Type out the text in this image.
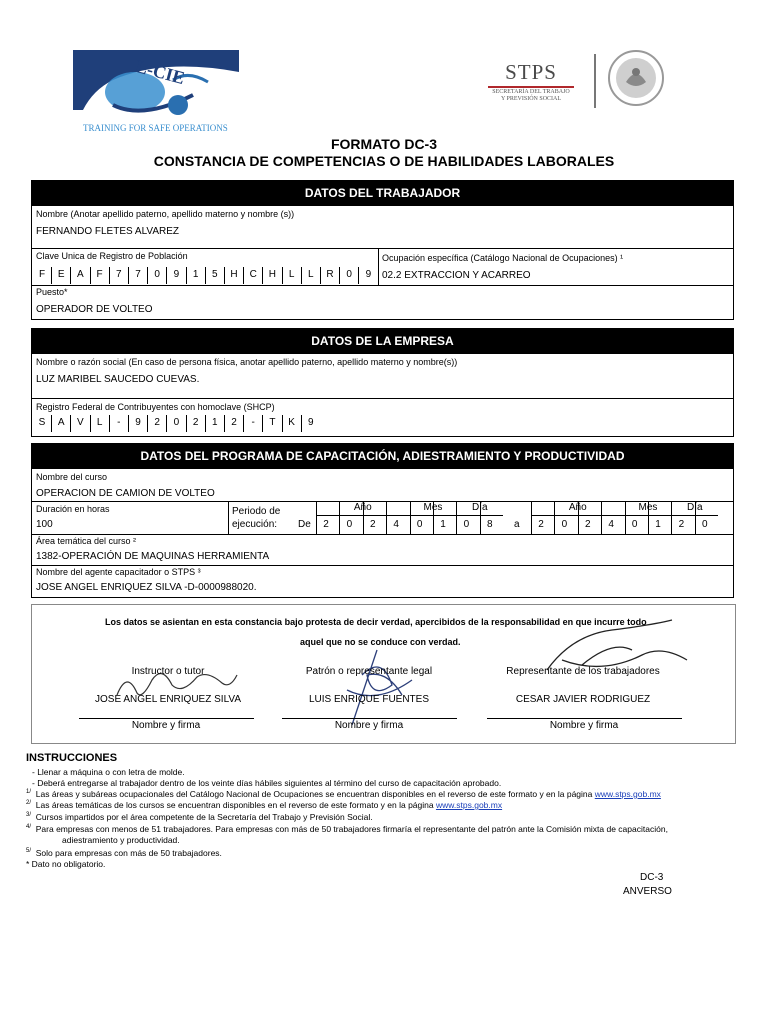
L-CIE
TRAINING FOR SAFE OPERATIONS
STPS
SECRETARÍA DEL TRABAJO
Y PREVISIÓN SOCIAL
FORMATO DC-3
CONSTANCIA DE COMPETENCIAS O DE HABILIDADES LABORALES
DATOS DEL TRABAJADOR
Nombre (Anotar apellido paterno, apellido materno y nombre (s))
FERNANDO FLETES ALVAREZ
Clave Unica de Registro de Población	Ocupación específica (Catálogo Nacional de Ocupaciones) ¹
02.2 EXTRACCION Y ACARREO
F	E	A	F	7	7	0	9	1	5	H	C	H	L	L	R	0	9
Puesto*
OPERADOR DE VOLTEO
DATOS DE LA EMPRESA
Nombre o razón social (En caso de persona física, anotar apellido paterno, apellido materno y nombre(s))
LUZ MARIBEL SAUCEDO CUEVAS.
Registro Federal de Contribuyentes con homoclave (SHCP)
S	A	V	L	-	9	2	0	2	1	2	-	T	K	9
DATOS DEL PROGRAMA DE CAPACITACIÓN, ADIESTRAMIENTO Y PRODUCTIVIDAD
Nombre del curso
OPERACION DE CAMION DE VOLTEO
Duración en horas
100
Periodo de
ejecución: De	a
2	0	2	4	0	1	0	8	2	0	2	4	0	1	2	0
Año	Mes	Día	Año	Mes	Día
Área temática del curso ²
1382-OPERACIÓN DE MAQUINAS HERRAMIENTA
Nombre del agente capacitador o STPS ³
JOSE ANGEL ENRIQUEZ SILVA -D-0000988020.
Los datos se asientan en esta constancia bajo protesta de decir verdad, apercibidos de la responsabilidad en que incurre todo
aquel que no se conduce con verdad.
Instructor o tutor
JOSE ANGEL ENRIQUEZ SILVA
Nombre y firma
Patrón o representante legal
LUIS ENRIQUE FUENTES
Nombre y firma
Representante de los trabajadores
CESAR JAVIER RODRIGUEZ
Nombre y firma
INSTRUCCIONES
- Llenar a máquina o con letra de molde.
- Deberá entregarse al trabajador dentro de los veinte días hábiles siguientes al término del curso de capacitación aprobado.
$^{1/}$ Las áreas y subáreas ocupacionales del Catálogo Nacional de Ocupaciones se encuentran disponibles en el reverso de este formato y en la página www.stps.gob.mx
$^{2/}$ Las áreas temáticas de los cursos se encuentran disponibles en el reverso de este formato y en la página www.stps.gob.mx
$^{3/}$ Cursos impartidos por el área competente de la Secretaría del Trabajo y Previsión Social.
$^{4/}$ Para empresas con menos de 51 trabajadores. Para empresas con más de 50 trabajadores firmaría el representante del patrón ante la Comisión mixta de capacitación,
adiestramiento y productividad.
$^{5/}$ Solo para empresas con más de 50 trabajadores.
* Dato no obligatorio.
DC-3
ANVERSO
